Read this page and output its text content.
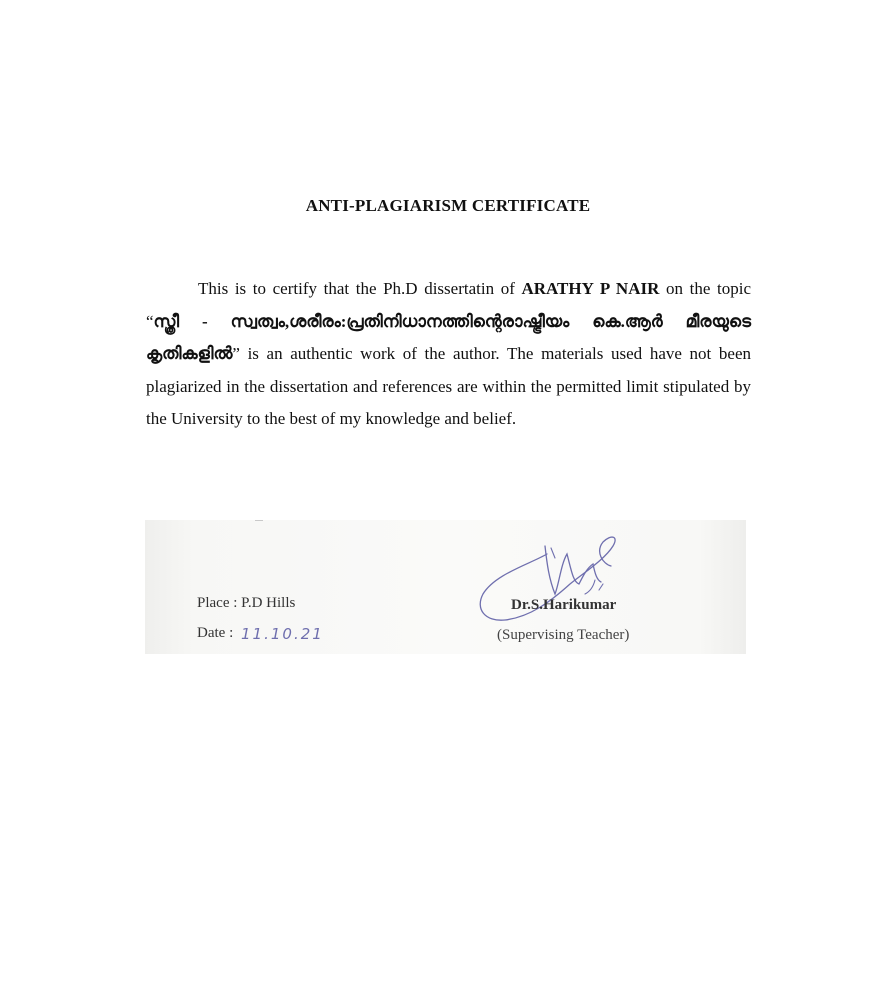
ANTI-PLAGIARISM CERTIFICATE

This is to certify that the Ph.D dissertatin of ARATHY P NAIR on the topic “സ്ത്രീ - സ്വത്വം,ശരീരം:പ്രതിനിധാനത്തിന്റെരാഷ്ട്രീയം കെ.ആർ മീരയുടെ കൃതികളിൽ” is an authentic work of the author. The materials used have not been plagiarized in the dissertation and references are within the permitted limit stipulated by the University to the best of my knowledge and belief.

Place : P.D Hills

Date : 11.10.21

Dr.S.Harikumar

(Supervising Teacher)
